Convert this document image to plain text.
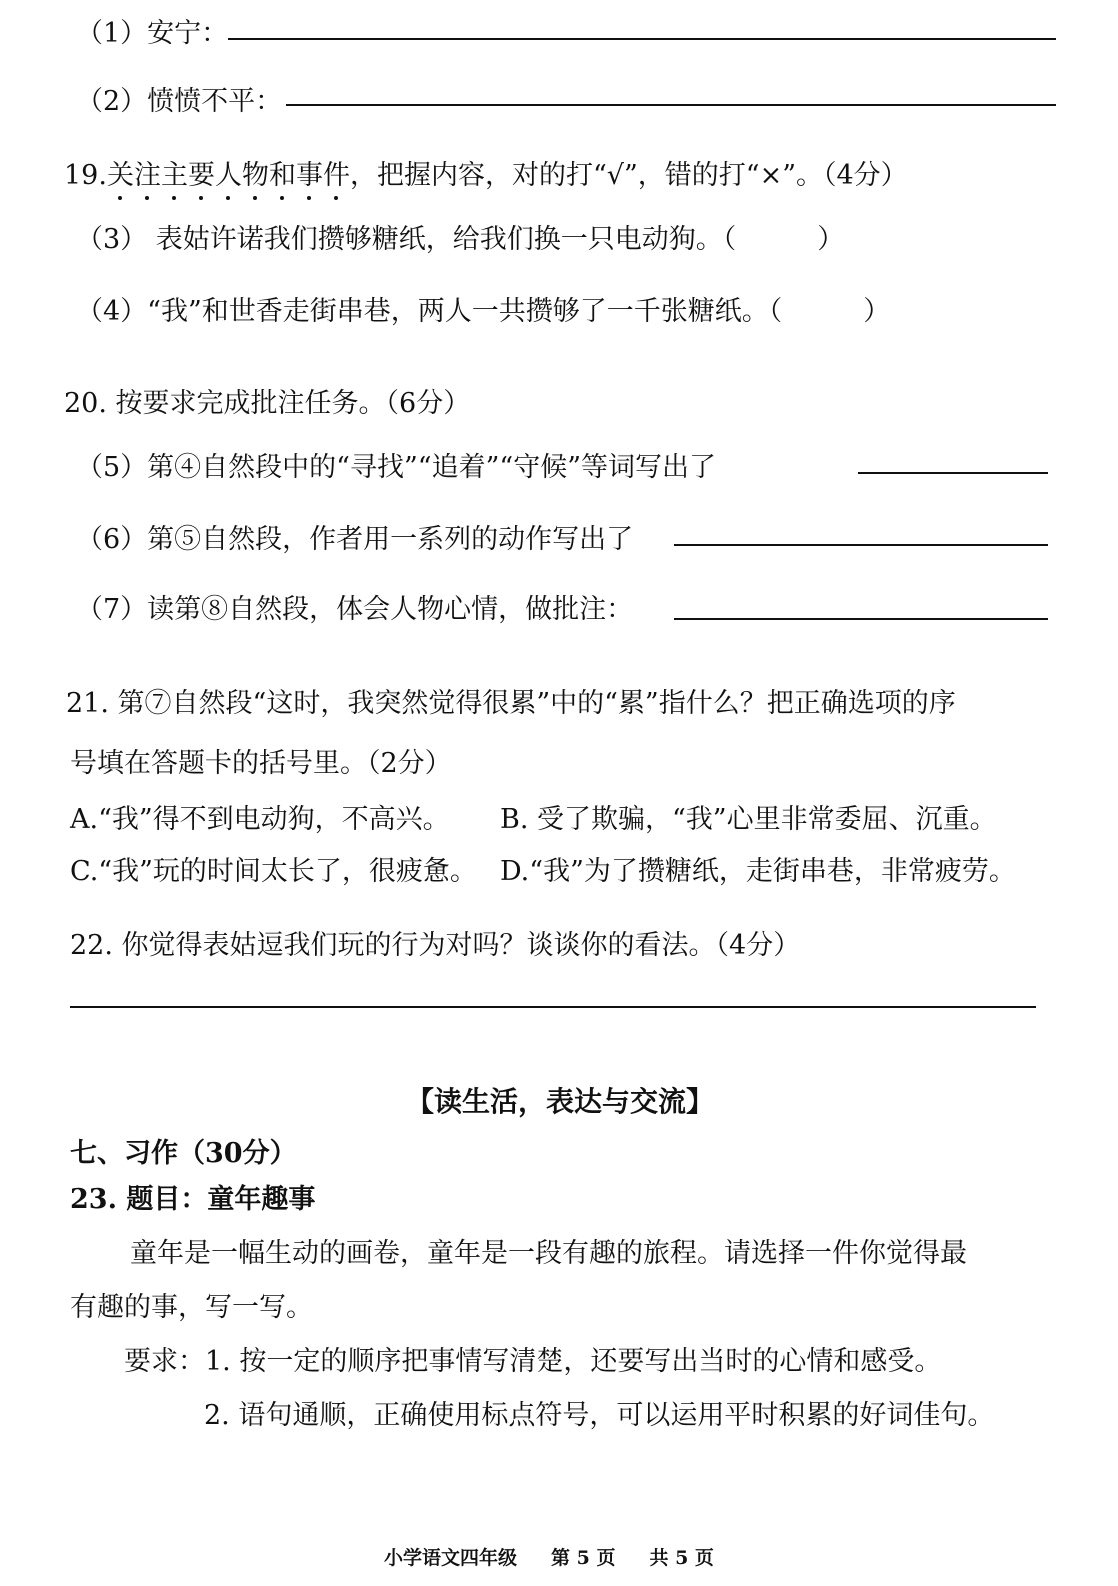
（1）安宁：
（2）愤愤不平：
19.关注主要人物和事件，把握内容，对的打“√”，错的打“×”。（4分）
（3） 表姑许诺我们攒够糖纸，给我们换一只电动狗。（　　　）
（4）“我”和世香走街串巷，两人一共攒够了一千张糖纸。（　　　）
20. 按要求完成批注任务。（6分）
（5）第④自然段中的“寻找”“追着”“守候”等词写出了
（6）第⑤自然段，作者用一系列的动作写出了
（7）读第⑧自然段，体会人物心情，做批注：
21. 第⑦自然段“这时，我突然觉得很累”中的“累”指什么？把正确选项的序
号填在答题卡的括号里。（2分）
A.“我”得不到电动狗，不高兴。 B. 受了欺骗，“我”心里非常委屈、沉重。
C.“我”玩的时间太长了，很疲惫。 D.“我”为了攒糖纸，走街串巷，非常疲劳。
22. 你觉得表姑逗我们玩的行为对吗？谈谈你的看法。（4分）
【读生活，表达与交流】
七、习作（30分）
23. 题目：童年趣事
童年是一幅生动的画卷，童年是一段有趣的旅程。请选择一件你觉得最
有趣的事，写一写。
要求：1. 按一定的顺序把事情写清楚，还要写出当时的心情和感受。
2. 语句通顺，正确使用标点符号，可以运用平时积累的好词佳句。
小学语文四年级 第 5 页 共 5 页
